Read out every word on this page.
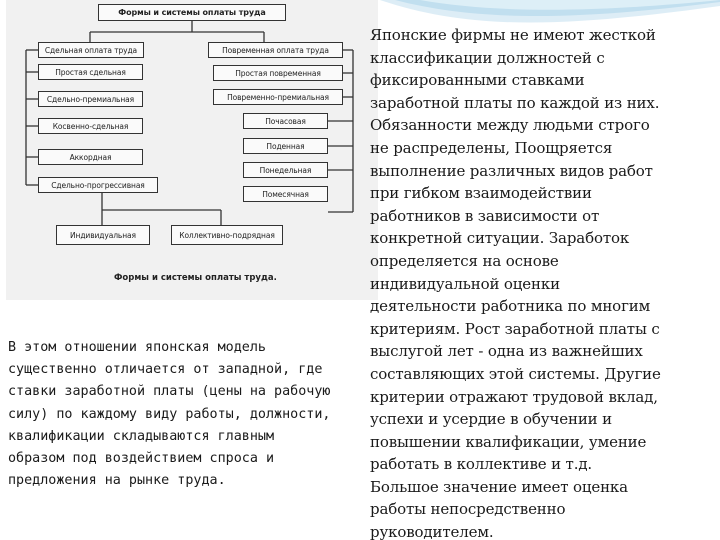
Формы и системы оплаты труда
Сдельная оплата труда	Повременная оплата труда
Простая сдельная
Сдельно-премиальная
Косвенно-сдельная
Аккордная
Сдельно-прогрессивная
Простая повременная
Повременно-премиальная
Почасовая
Поденная
Понедельная
Помесячная
Индивидуальная	Коллективно-подрядная
Формы и системы оплаты труда.
В этом отношении японская модель
существенно отличается от западной, где
ставки заработной платы (цены на рабочую
силу) по каждому виду работы, должности,
квалификации складываются главным
образом под воздействием спроса и
предложения на рынке труда.
Японские фирмы не имеют жесткой
классификации должностей с
фиксированными ставками
заработной платы по каждой из них.
Обязанности между людьми строго
не распределены, Поощряется
выполнение различных видов работ
при гибком взаимодействии
работников в зависимости от
конкретной ситуации. Заработок
определяется на основе
индивидуальной оценки
деятельности работника по многим
критериям. Рост заработной платы с
выслугой лет - одна из важнейших
составляющих этой системы. Другие
критерии отражают трудовой вклад,
успехи и усердие в обучении и
повышении квалификации, умение
работать в коллективе и т.д.
Большое значение имеет оценка
работы непосредственно
руководителем.
